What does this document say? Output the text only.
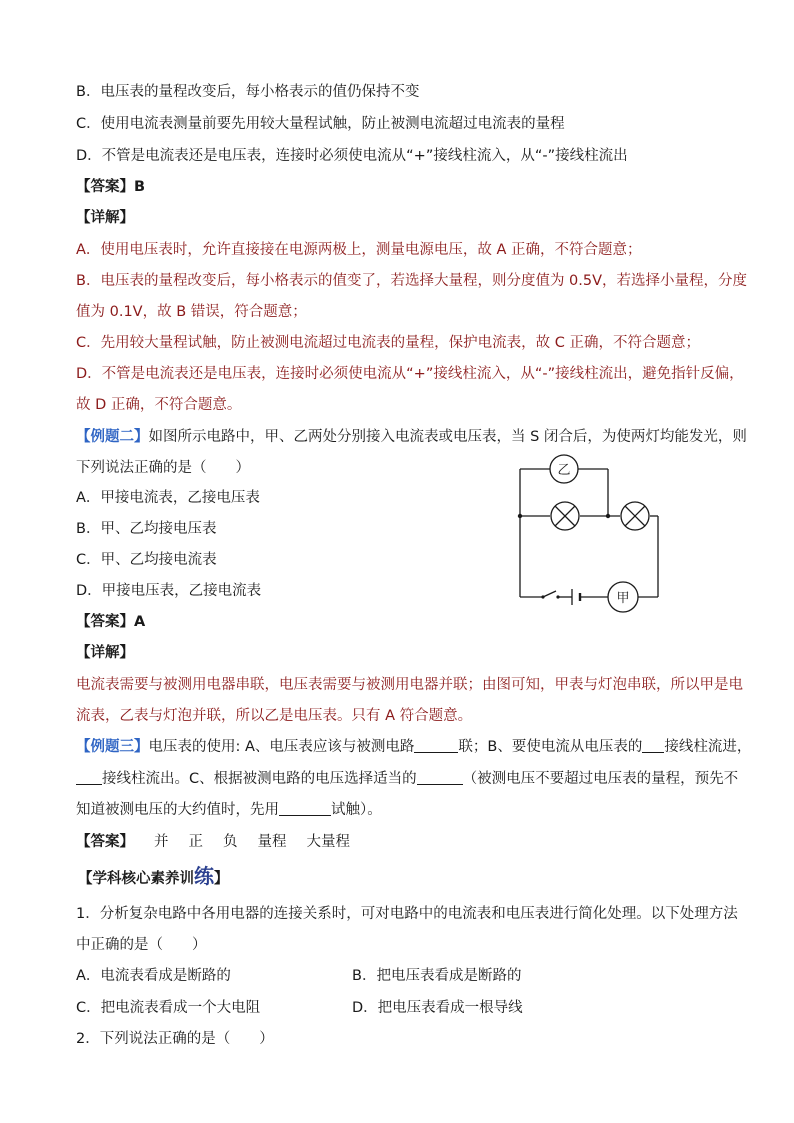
B．电压表的量程改变后，每小格表示的值仍保持不变
C．使用电流表测量前要先用较大量程试触，防止被测电流超过电流表的量程
D．不管是电流表还是电压表，连接时必须使电流从“+”接线柱流入，从“-”接线柱流出
【答案】B
【详解】
A．使用电压表时，允许直接接在电源两极上，测量电源电压，故 A 正确，不符合题意；
B．电压表的量程改变后，每小格表示的值变了，若选择大量程，则分度值为 0.5V，若选择小量程，分度
值为 0.1V，故 B 错误，符合题意；
C．先用较大量程试触，防止被测电流超过电流表的量程，保护电流表，故 C 正确，不符合题意；
D．不管是电流表还是电压表，连接时必须使电流从“+”接线柱流入，从“-”接线柱流出，避免指针反偏，
故 D 正确，不符合题意。
【例题二】如图所示电路中，甲、乙两处分别接入电流表或电压表，当 S 闭合后，为使两灯均能发光，则
下列说法正确的是（　　）
A．甲接电流表，乙接电压表
B．甲、乙均接电压表
C．甲、乙均接电流表
D．甲接电压表，乙接电流表
乙
甲
【答案】A
【详解】
电流表需要与被测用电器串联，电压表需要与被测用电器并联；由图可知，甲表与灯泡串联，所以甲是电
流表，乙表与灯泡并联，所以乙是电压表。只有 A 符合题意。
【例题三】电压表的使用: A、电压表应该与被测电路	联；B、要使电流从电压表的 接线柱流进，
接线柱流出。C、根据被测电路的电压选择适当的	（被测电压不要超过电压表的量程，预先不
知道被测电压的大约值时，先用	试触）。
【答案】 并 正 负 量程 大量程
【学科核心素养训练】
1．分析复杂电路中各用电器的连接关系时，可对电路中的电流表和电压表进行简化处理。以下处理方法
中正确的是（　　）
A．电流表看成是断路的	B．把电压表看成是断路的
C．把电流表看成一个大电阻	D．把电压表看成一根导线
2．下列说法正确的是（　　）
